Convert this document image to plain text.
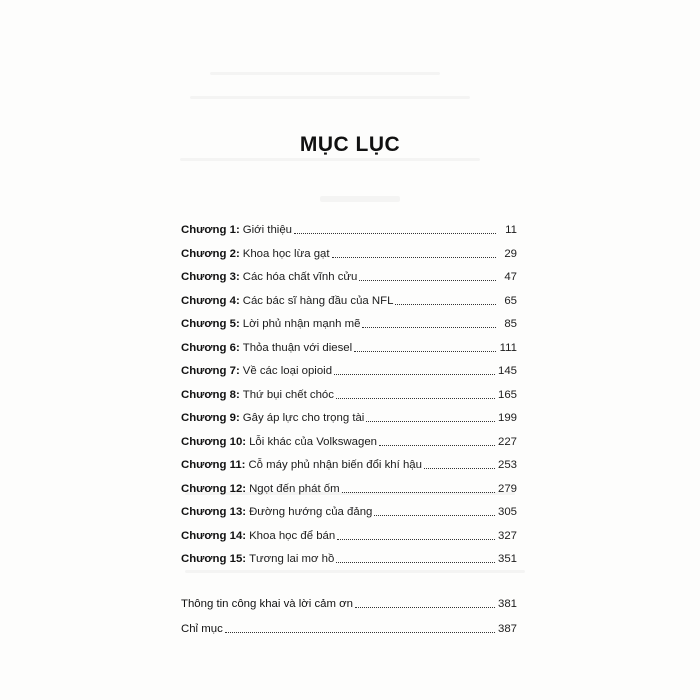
MỤC LỤC
Chương 1: Giới thiệu	11
Chương 2: Khoa học lừa gạt	29
Chương 3: Các hóa chất vĩnh cửu	47
Chương 4: Các bác sĩ hàng đầu của NFL	65
Chương 5: Lời phủ nhận mạnh mẽ	85
Chương 6: Thỏa thuận với diesel	111
Chương 7: Về các loại opioid	145
Chương 8: Thứ bụi chết chóc	165
Chương 9: Gây áp lực cho trọng tài	199
Chương 10: Lỗi khác của Volkswagen	227
Chương 11: Cỗ máy phủ nhận biến đổi khí hậu	253
Chương 12: Ngọt đến phát ốm	279
Chương 13: Đường hướng của đảng	305
Chương 14: Khoa học để bán	327
Chương 15: Tương lai mơ hồ	351
Thông tin công khai và lời cảm ơn	381
Chỉ mục	387
